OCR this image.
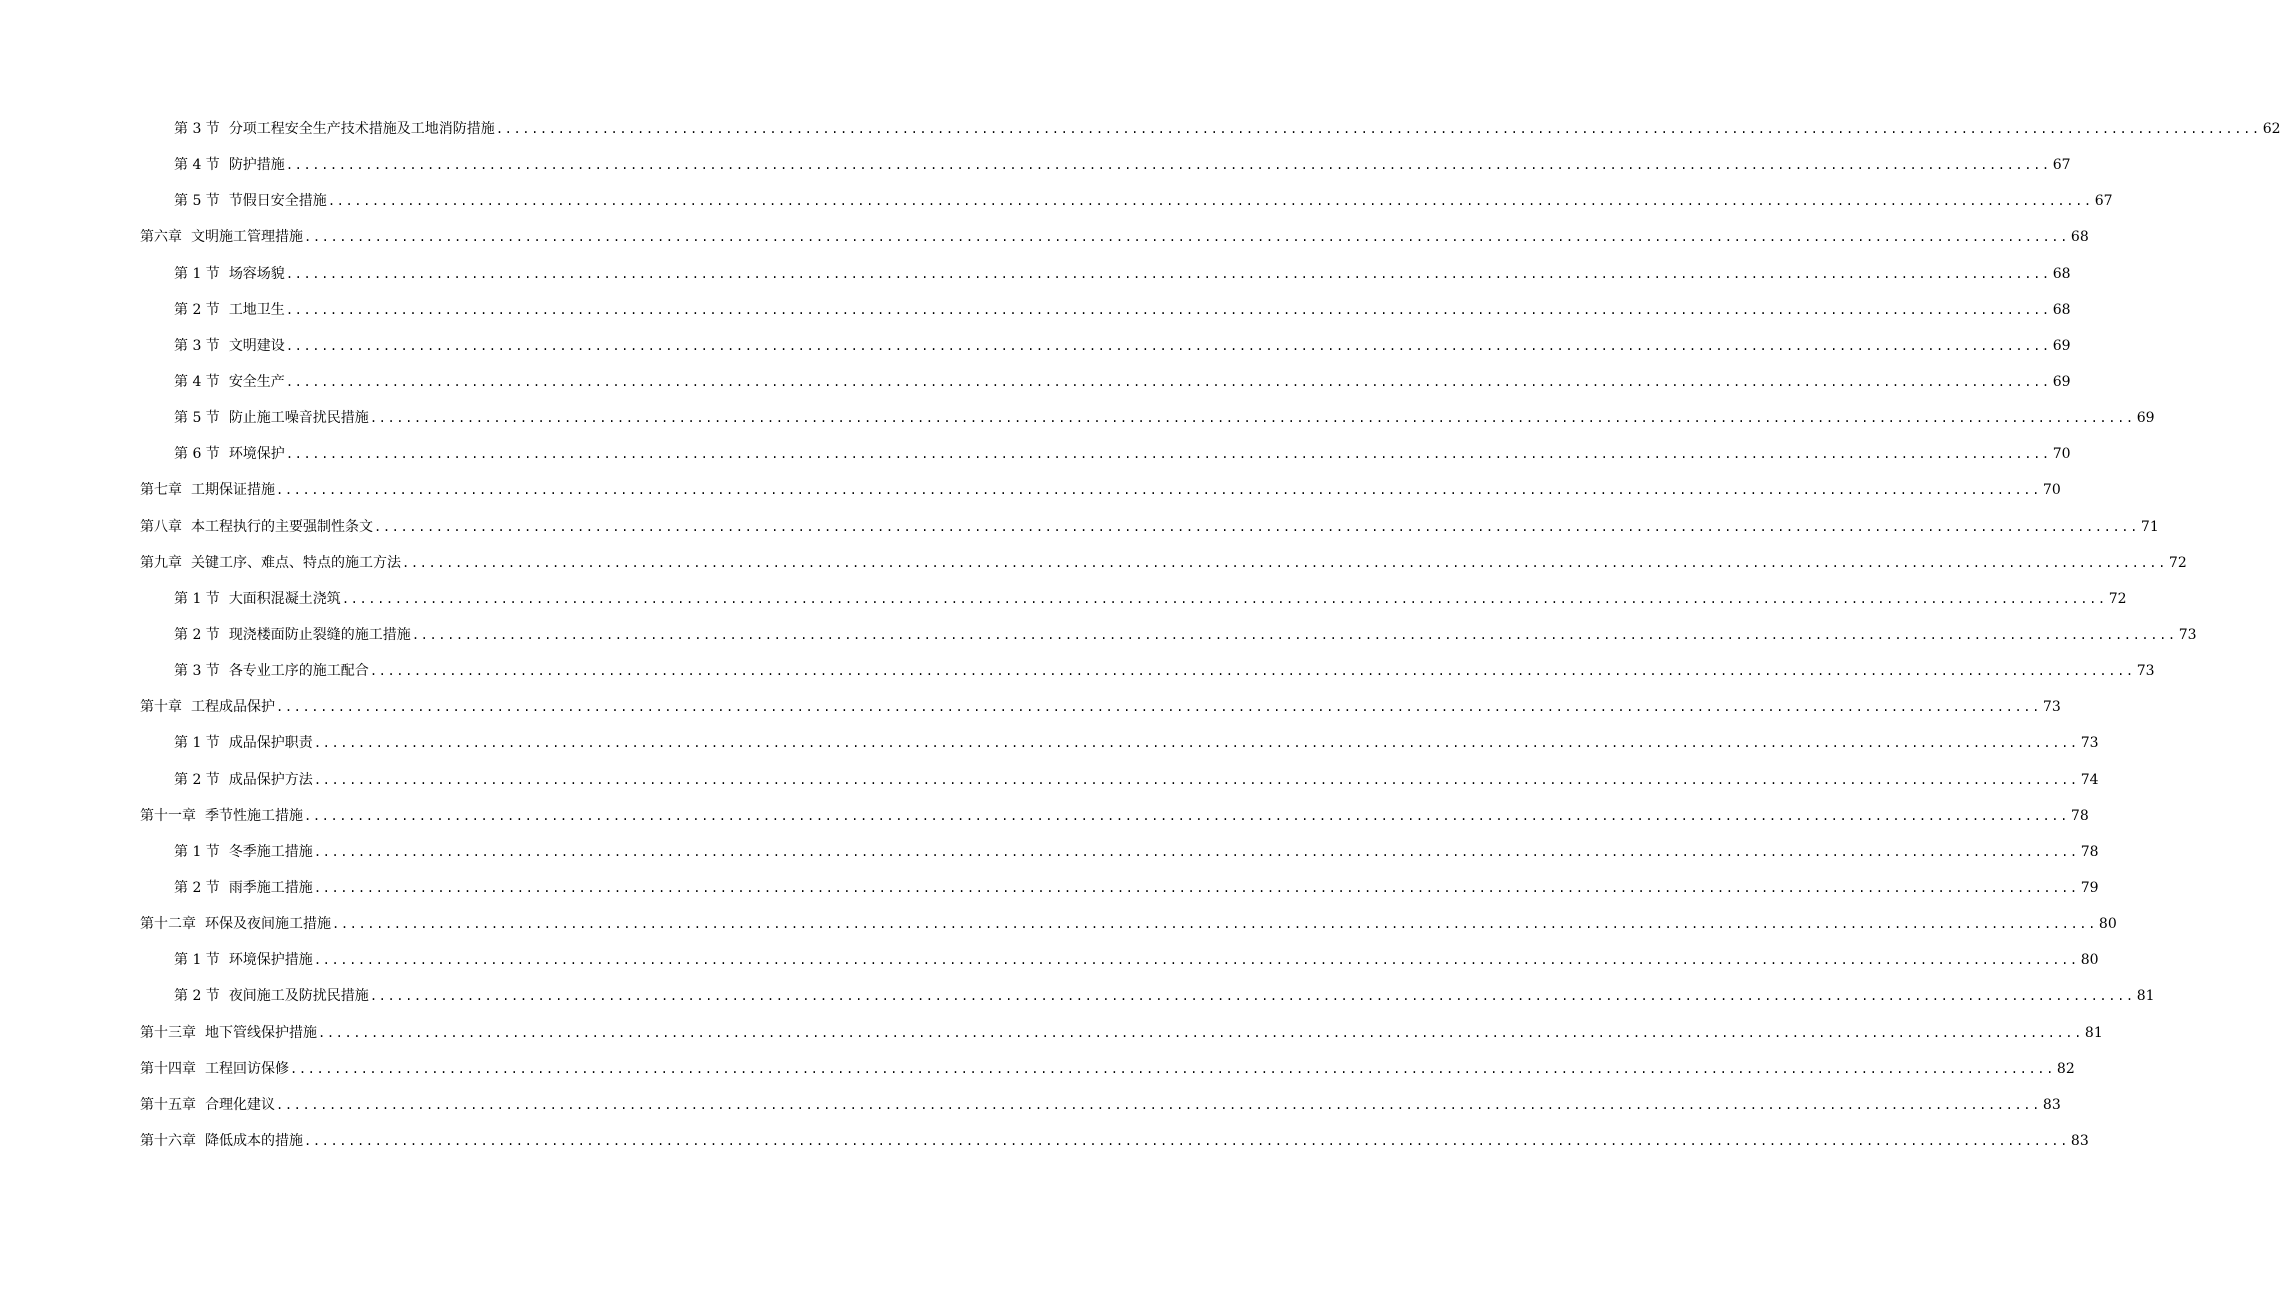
第 3 节 分项工程安全生产技术措施及工地消防措施 ........................................................................................................................................................................................................ 62
第 4 节 防护措施 ........................................................................................................................................................................................................ 67
第 5 节 节假日安全措施 ........................................................................................................................................................................................................ 67
第六章 文明施工管理措施 ........................................................................................................................................................................................................ 68
第 1 节 场容场貌 ........................................................................................................................................................................................................ 68
第 2 节 工地卫生 ........................................................................................................................................................................................................ 68
第 3 节 文明建设 ........................................................................................................................................................................................................ 69
第 4 节 安全生产 ........................................................................................................................................................................................................ 69
第 5 节 防止施工噪音扰民措施 ........................................................................................................................................................................................................ 69
第 6 节 环境保护 ........................................................................................................................................................................................................ 70
第七章 工期保证措施 ........................................................................................................................................................................................................ 70
第八章 本工程执行的主要强制性条文 ........................................................................................................................................................................................................ 71
第九章 关键工序、难点、特点的施工方法 ........................................................................................................................................................................................................ 72
第 1 节 大面积混凝土浇筑 ........................................................................................................................................................................................................ 72
第 2 节 现浇楼面防止裂缝的施工措施 ........................................................................................................................................................................................................ 73
第 3 节 各专业工序的施工配合 ........................................................................................................................................................................................................ 73
第十章 工程成品保护 ........................................................................................................................................................................................................ 73
第 1 节 成品保护职责 ........................................................................................................................................................................................................ 73
第 2 节 成品保护方法 ........................................................................................................................................................................................................ 74
第十一章 季节性施工措施 ........................................................................................................................................................................................................ 78
第 1 节 冬季施工措施 ........................................................................................................................................................................................................ 78
第 2 节 雨季施工措施 ........................................................................................................................................................................................................ 79
第十二章 环保及夜间施工措施 ........................................................................................................................................................................................................ 80
第 1 节 环境保护措施 ........................................................................................................................................................................................................ 80
第 2 节 夜间施工及防扰民措施 ........................................................................................................................................................................................................ 81
第十三章 地下管线保护措施 ........................................................................................................................................................................................................ 81
第十四章 工程回访保修 ........................................................................................................................................................................................................ 82
第十五章 合理化建议 ........................................................................................................................................................................................................ 83
第十六章 降低成本的措施 ........................................................................................................................................................................................................ 83
